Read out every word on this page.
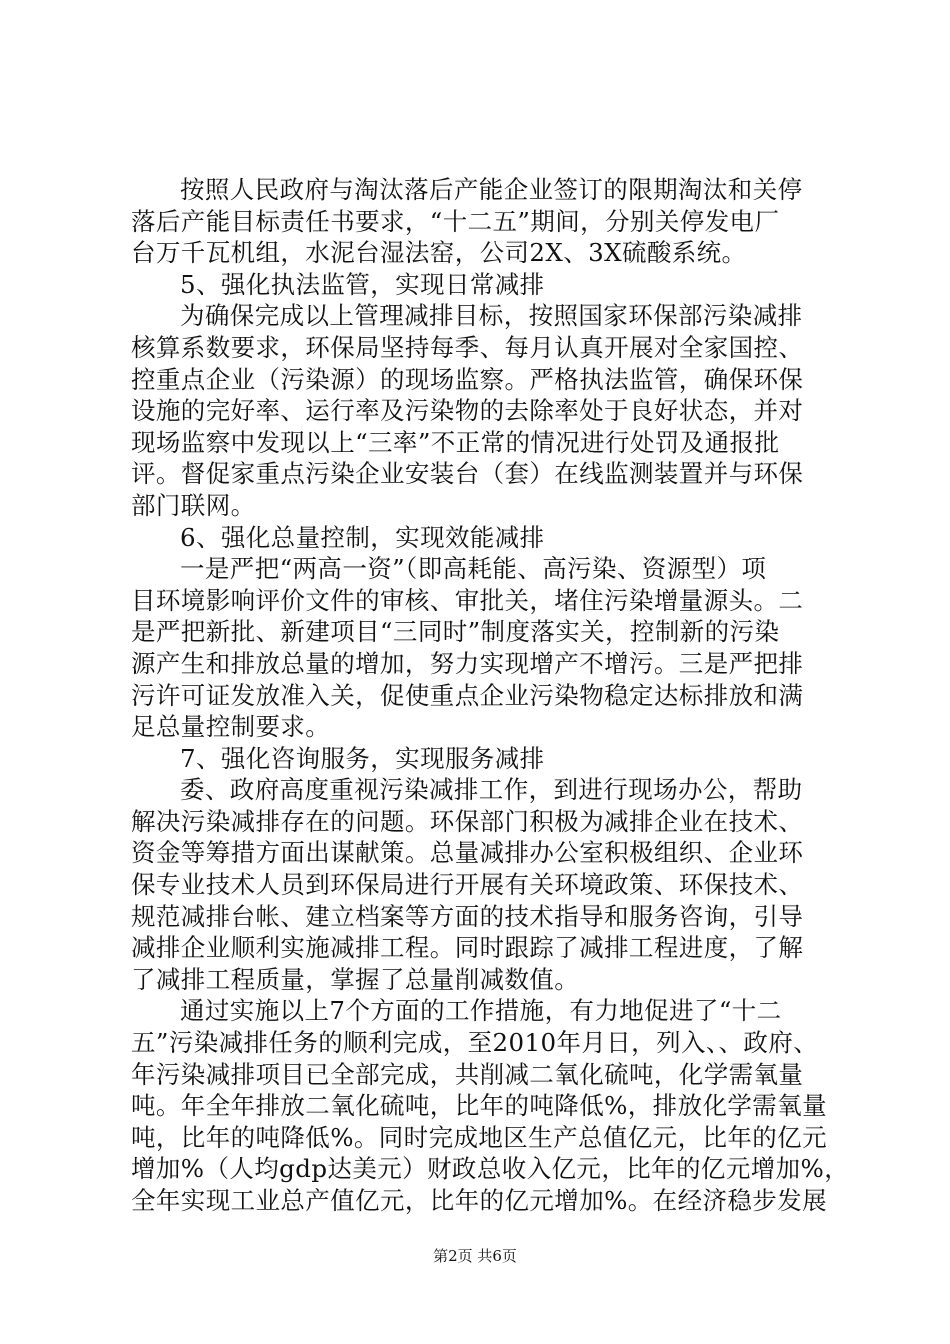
按照人民政府与淘汰落后产能企业签订的限期淘汰和关停
落后产能目标责任书要求，“十二五”期间，分别关停发电厂
台万千瓦机组，水泥台湿法窑，公司2X、3X硫酸系统。
5、强化执法监管，实现日常减排
为确保完成以上管理减排目标，按照国家环保部污染减排
核算系数要求，环保局坚持每季、每月认真开展对全家国控、
控重点企业（污染源）的现场监察。严格执法监管，确保环保
设施的完好率、运行率及污染物的去除率处于良好状态，并对
现场监察中发现以上“三率”不正常的情况进行处罚及通报批
评。督促家重点污染企业安装台（套）在线监测装置并与环保
部门联网。
6、强化总量控制，实现效能减排
一是严把“两高一资”（即高耗能、高污染、资源型）项
目环境影响评价文件的审核、审批关，堵住污染增量源头。二
是严把新批、新建项目“三同时”制度落实关，控制新的污染
源产生和排放总量的增加，努力实现增产不增污。三是严把排
污许可证发放准入关，促使重点企业污染物稳定达标排放和满
足总量控制要求。
7、强化咨询服务，实现服务减排
委、政府高度重视污染减排工作，到进行现场办公，帮助
解决污染减排存在的问题。环保部门积极为减排企业在技术、
资金等筹措方面出谋献策。总量减排办公室积极组织、企业环
保专业技术人员到环保局进行开展有关环境政策、环保技术、
规范减排台帐、建立档案等方面的技术指导和服务咨询，引导
减排企业顺利实施减排工程。同时跟踪了减排工程进度，了解
了减排工程质量，掌握了总量削减数值。
通过实施以上7个方面的工作措施，有力地促进了“十二
五”污染减排任务的顺利完成，至2010年月日，列入、、政府、
年污染减排项目已全部完成，共削减二氧化硫吨，化学需氧量
吨。年全年排放二氧化硫吨，比年的吨降低%，排放化学需氧量
吨，比年的吨降低%。同时完成地区生产总值亿元，比年的亿元
增加%（人均gdp达美元）财政总收入亿元，比年的亿元增加%，
全年实现工业总产值亿元，比年的亿元增加%。在经济稳步发展
第2页 共6页
